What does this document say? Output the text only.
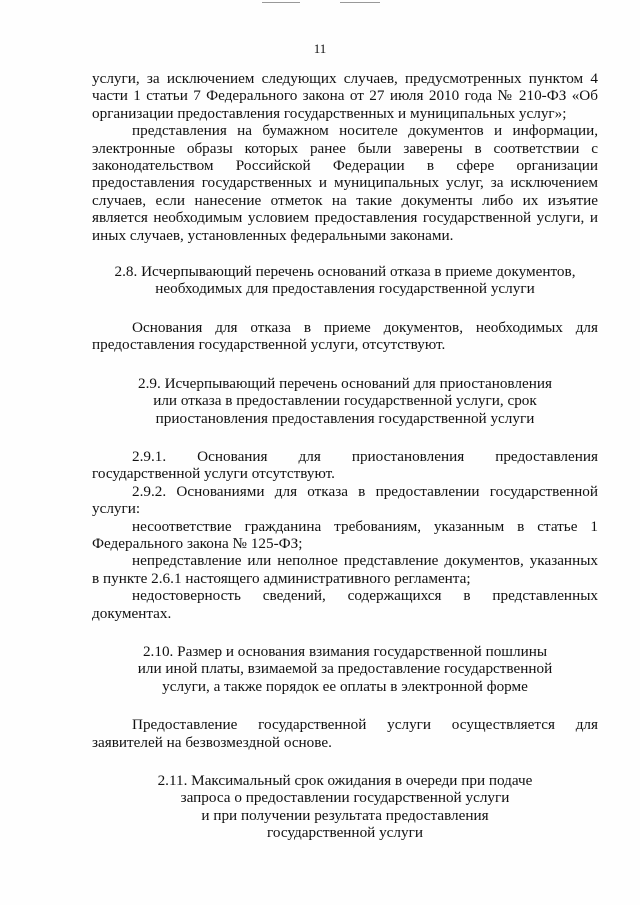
11

услуги, за исключением следующих случаев, предусмотренных пунктом 4 части 1 статьи 7 Федерального закона от 27 июля 2010 года № 210-ФЗ «Об организации предоставления государственных и муниципальных услуг»;

представления на бумажном носителе документов и информации, электронные образы которых ранее были заверены в соответствии с законодательством Российской Федерации в сфере организации предоставления государственных и муниципальных услуг, за исключением случаев, если нанесение отметок на такие документы либо их изъятие является необходимым условием предоставления государственной услуги, и иных случаев, установленных федеральными законами.

2.8. Исчерпывающий перечень оснований отказа в приеме документов,
необходимых для предоставления государственной услуги

Основания для отказа в приеме документов, необходимых для предоставления государственной услуги, отсутствуют.

2.9. Исчерпывающий перечень оснований для приостановления
или отказа в предоставлении государственной услуги, срок
приостановления предоставления государственной услуги

2.9.1. Основания для приостановления предоставления государственной услуги отсутствуют.

2.9.2. Основаниями для отказа в предоставлении государственной услуги:

несоответствие гражданина требованиям, указанным в статье 1 Федерального закона № 125-ФЗ;

непредставление или неполное представление документов, указанных в пункте 2.6.1 настоящего административного регламента;

недостоверность сведений, содержащихся в представленных документах.

2.10. Размер и основания взимания государственной пошлины
или иной платы, взимаемой за предоставление государственной
услуги, а также порядок ее оплаты в электронной форме

Предоставление государственной услуги осуществляется для заявителей на безвозмездной основе.

2.11. Максимальный срок ожидания в очереди при подаче
запроса о предоставлении государственной услуги
и при получении результата предоставления
государственной услуги
